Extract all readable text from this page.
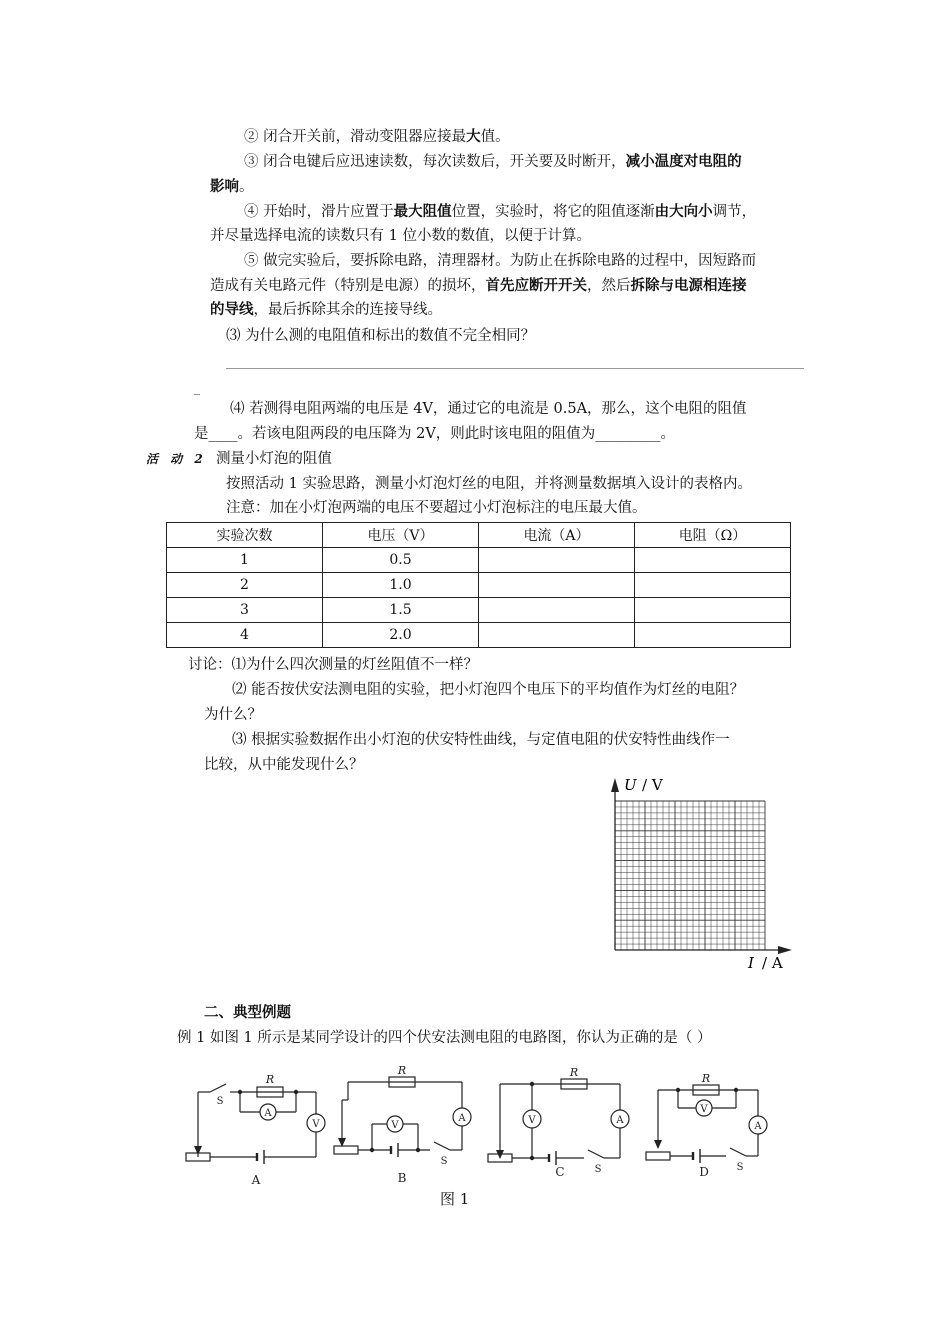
② 闭合开关前，滑动变阻器应接最大值。
③ 闭合电键后应迅速读数，每次读数后，开关要及时断开，减小温度对电阻的
影响。
④ 开始时，滑片应置于最大阻值位置，实验时，将它的阻值逐渐由大向小调节，
并尽量选择电流的读数只有 1 位小数的数值，以便于计算。
⑤ 做完实验后，要拆除电路，清理器材。为防止在拆除电路的过程中，因短路而
造成有关电路元件（特别是电源）的损坏，首先应断开开关，然后拆除与电源相连接
的导线，最后拆除其余的连接导线。
⑶ 为什么测的电阻值和标出的数值不完全相同？
_
⑷ 若测得电阻两端的电压是 4V，通过它的电流是 0.5A，那么，这个电阻的阻值
是____。若该电阻两段的电压降为 2V，则此时该电阻的阻值为_________。
活 动 2 测量小灯泡的阻值
按照活动 1 实验思路，测量小灯泡灯丝的电阻，并将测量数据填入设计的表格内。
注意：加在小灯泡两端的电压不要超过小灯泡标注的电压最大值。
实验次数	电压（V）	电流（A）	电阻（Ω）
1	0.5		
2	1.0		
3	1.5		
4	2.0		
讨论：⑴为什么四次测量的灯丝阻值不一样？
⑵ 能否按伏安法测电阻的实验，把小灯泡四个电压下的平均值作为灯丝的电阻？
为什么？
⑶ 根据实验数据作出小灯泡的伏安特性曲线，与定值电阻的伏安特性曲线作一
比较，从中能发现什么？
U / V
I / A
二、典型例题
例 1 如图 1 所示是某同学设计的四个伏安法测电阻的电路图，你认为正确的是（ ）
R
S
A
V
A
R
V
A
S
B
R
V	A
S
C
R
V
A
S
D
图 1
